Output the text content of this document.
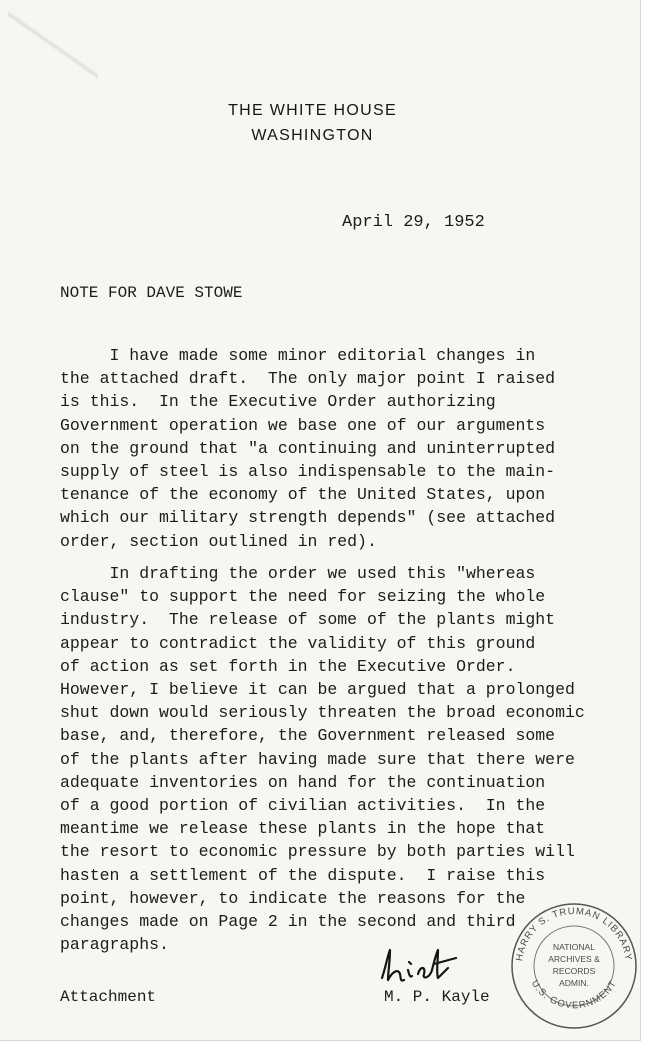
THE WHITE HOUSE
WASHINGTON
April 29, 1952
NOTE FOR DAVE STOWE
I have made some minor editorial changes in
the attached draft.  The only major point I raised
is this.  In the Executive Order authorizing
Government operation we base one of our arguments
on the ground that "a continuing and uninterrupted
supply of steel is also indispensable to the main-
tenance of the economy of the United States, upon
which our military strength depends" (see attached
order, section outlined in red).
In drafting the order we used this "whereas
clause" to support the need for seizing the whole
industry.  The release of some of the plants might
appear to contradict the validity of this ground
of action as set forth in the Executive Order.
However, I believe it can be argued that a prolonged
shut down would seriously threaten the broad economic
base, and, therefore, the Government released some
of the plants after having made sure that there were
adequate inventories on hand for the continuation
of a good portion of civilian activities.  In the
meantime we release these plants in the hope that
the resort to economic pressure by both parties will
hasten a settlement of the dispute.  I raise this
point, however, to indicate the reasons for the
changes made on Page 2 in the second and third
paragraphs.
Attachment	M. P. Kayle
HARRY S. TRUMAN LIBRARY
U.S. GOVERNMENT
NATIONAL
ARCHIVES &
RECORDS
ADMIN.
